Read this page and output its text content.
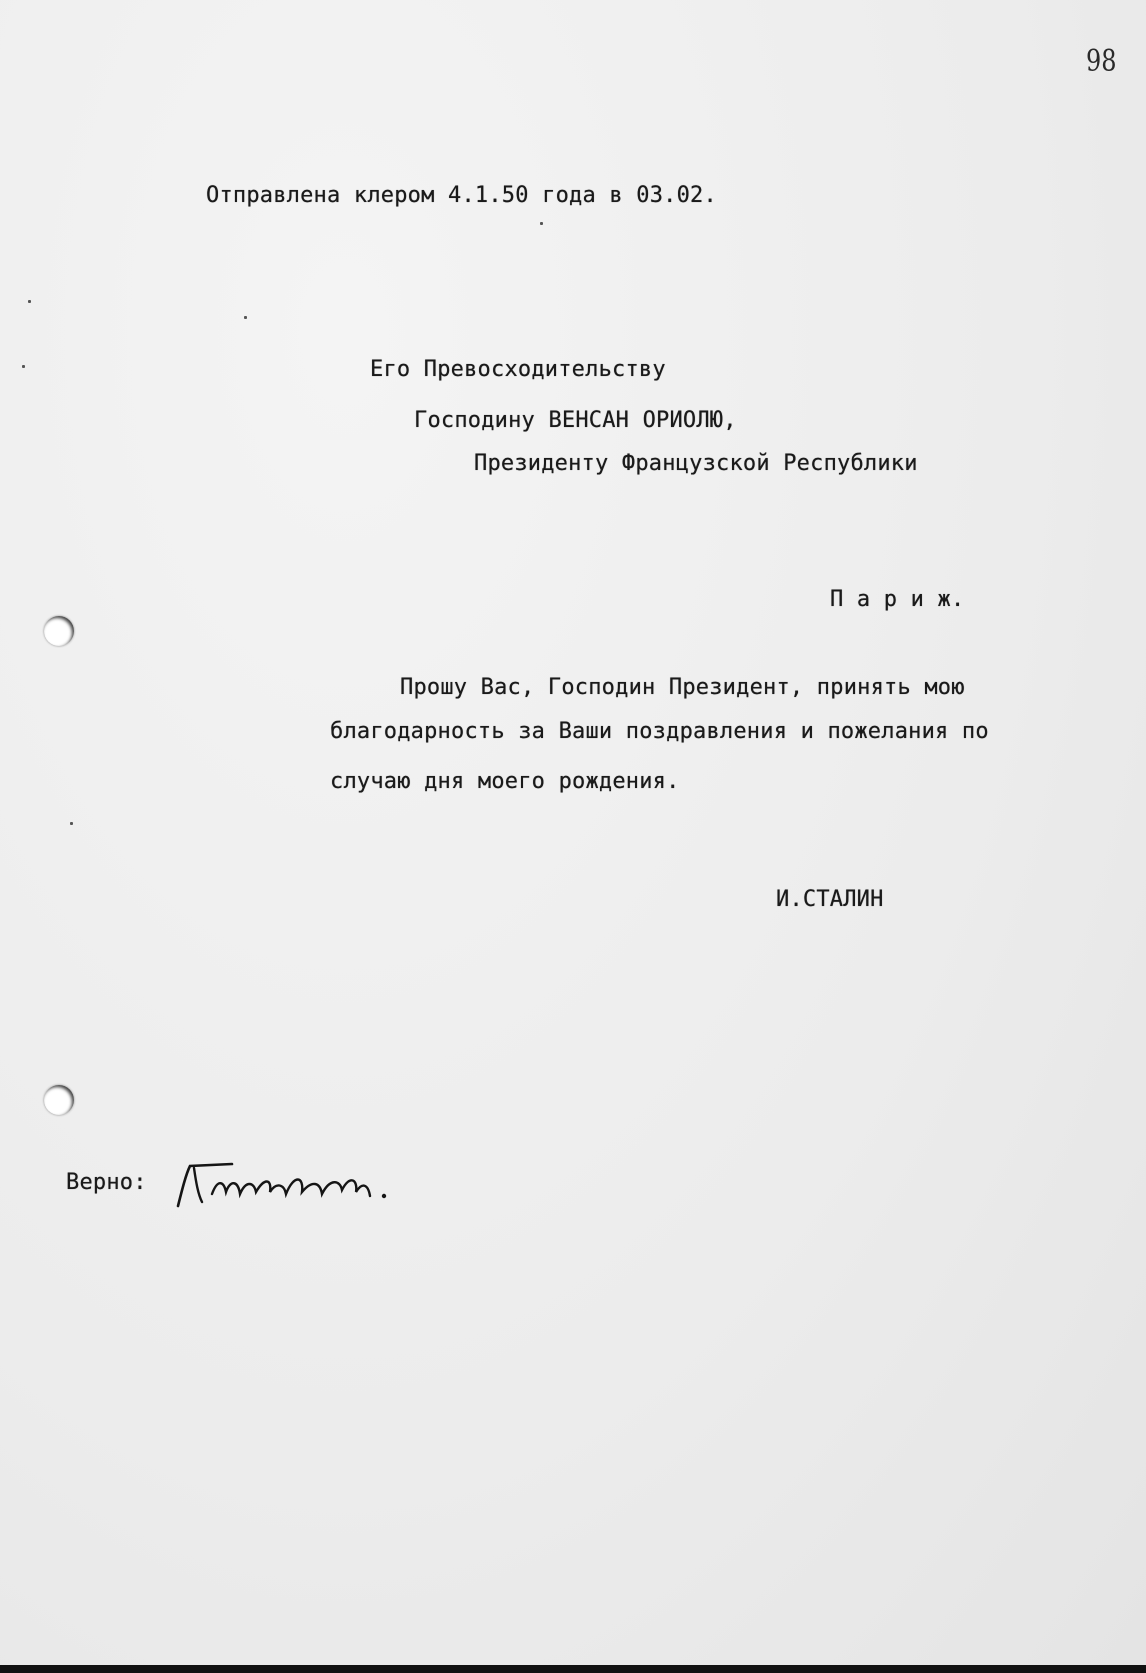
98
Отправлена клером 4.1.50 года в 03.02.
Его Превосходительству
Господину ВЕНСАН ОРИОЛЮ,
Президенту Французской Республики
П а р и ж.
Прошу Вас, Господин Президент, принять мою
благодарность за Ваши поздравления и пожелания по
случаю дня моего рождения.
И.СТАЛИН
Верно:
